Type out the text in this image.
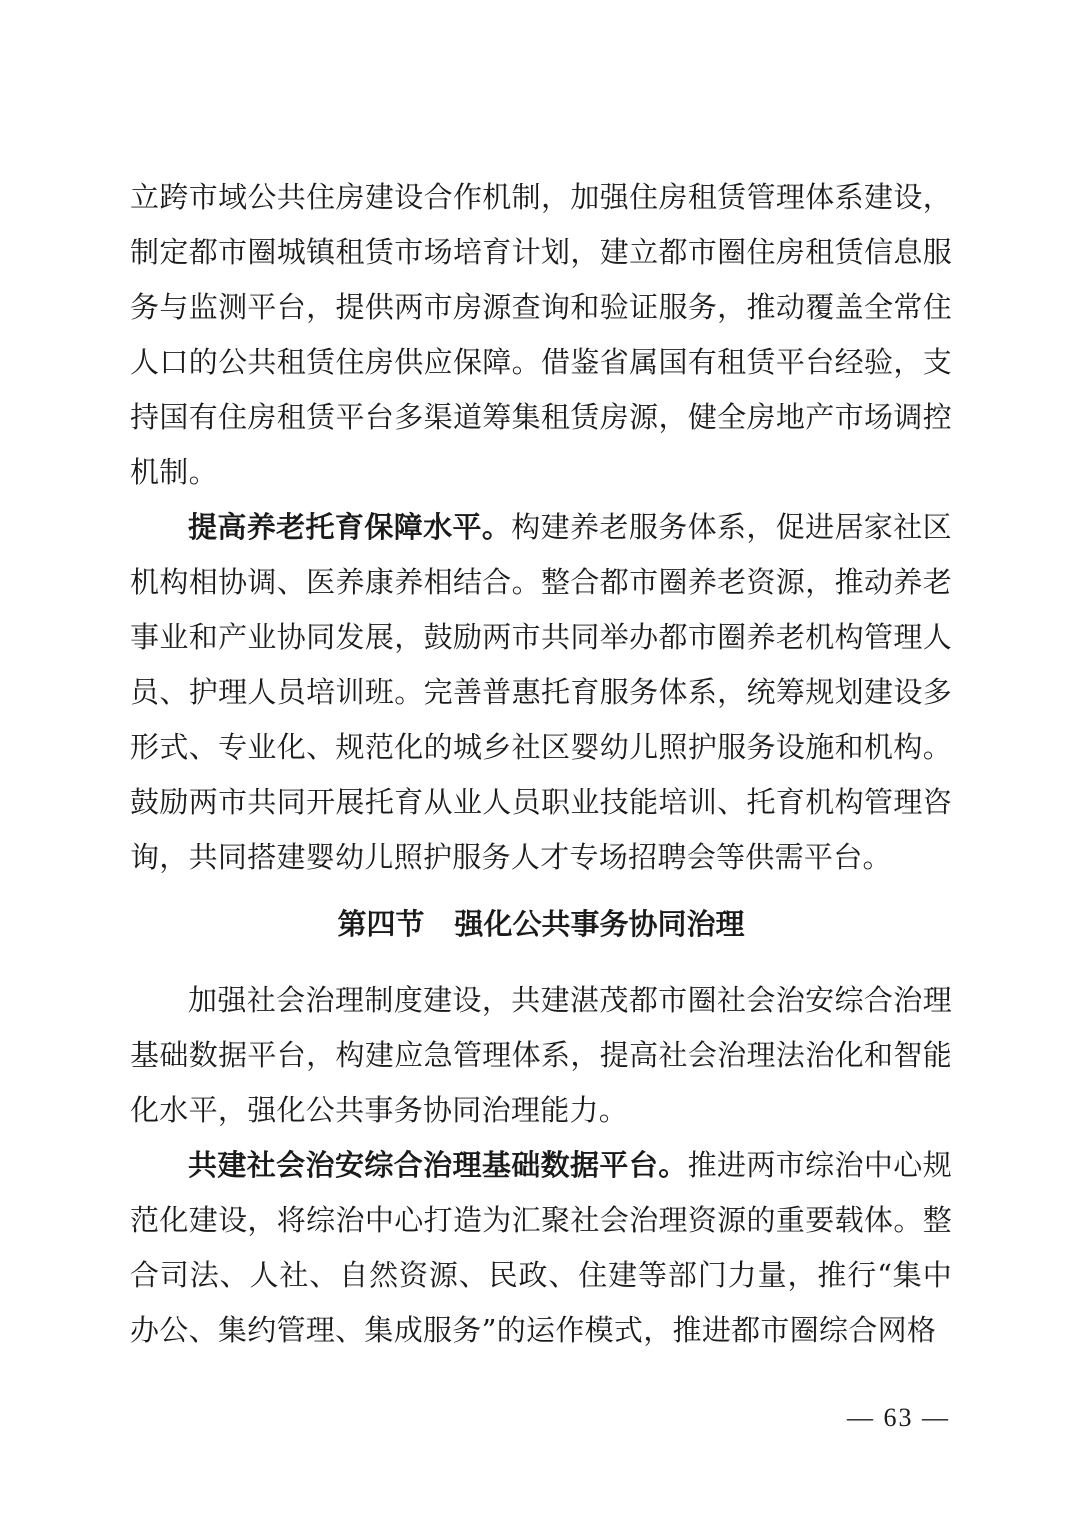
立跨市域公共住房建设合作机制，加强住房租赁管理体系建设，制定都市圈城镇租赁市场培育计划，建立都市圈住房租赁信息服务与监测平台，提供两市房源查询和验证服务，推动覆盖全常住人口的公共租赁住房供应保障。借鉴省属国有租赁平台经验，支持国有住房租赁平台多渠道筹集租赁房源，健全房地产市场调控机制。

提高养老托育保障水平。构建养老服务体系，促进居家社区机构相协调、医养康养相结合。整合都市圈养老资源，推动养老事业和产业协同发展，鼓励两市共同举办都市圈养老机构管理人员、护理人员培训班。完善普惠托育服务体系，统筹规划建设多形式、专业化、规范化的城乡社区婴幼儿照护服务设施和机构。鼓励两市共同开展托育从业人员职业技能培训、托育机构管理咨询，共同搭建婴幼儿照护服务人才专场招聘会等供需平台。

第四节 强化公共事务协同治理

加强社会治理制度建设，共建湛茂都市圈社会治安综合治理基础数据平台，构建应急管理体系，提高社会治理法治化和智能化水平，强化公共事务协同治理能力。

共建社会治安综合治理基础数据平台。推进两市综治中心规范化建设，将综治中心打造为汇聚社会治理资源的重要载体。整合司法、人社、自然资源、民政、住建等部门力量，推行“集中办公、集约管理、集成服务”的运作模式，推进都市圈综合网格

— 63 —
